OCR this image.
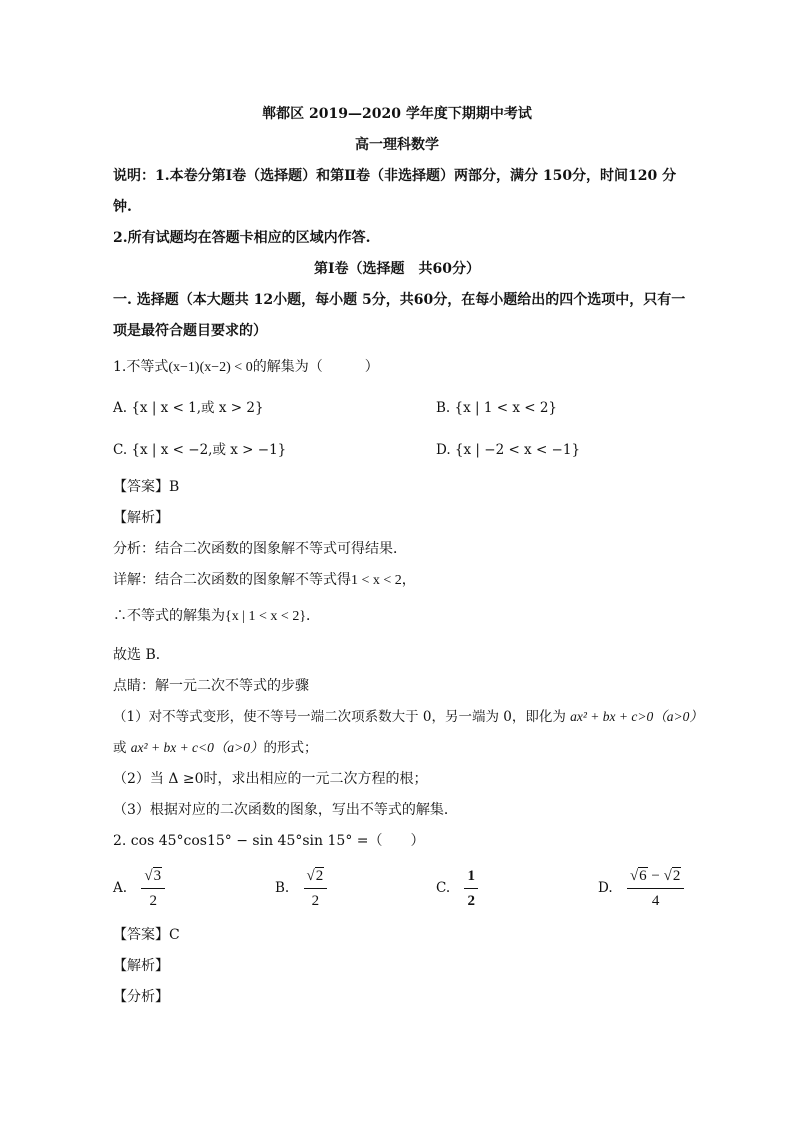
郸都区 2019—2020 学年度下期期中考试
高一理科数学
说明：1.本卷分第Ⅰ卷（选择题）和第Ⅱ卷（非选择题）两部分，满分 150分，时间120 分
钟.
2.所有试题均在答题卡相应的区域内作答.
第Ⅰ卷（选择题　共60分）
一. 选择题（本大题共 12小题，每小题 5分，共60分，在每小题给出的四个选项中，只有一
项是最符合题目要求的）
1.不等式(x−1)(x−2) < 0的解集为（　　　）
A. {x | x < 1,或 x > 2}	B. {x | 1 < x < 2}
C. {x | x < −2,或 x > −1}	D. {x | −2 < x < −1}
【答案】B
【解析】
分析：结合二次函数的图象解不等式可得结果．
详解：结合二次函数的图象解不等式得1 < x < 2，
∴不等式的解集为{x | 1 < x < 2}．
故选 B．
点睛：解一元二次不等式的步骤
（1）对不等式变形，使不等号一端二次项系数大于 0，另一端为 0，即化为 ax² + bx + c>0（a>0）
或 ax² + bx + c<0（a>0）的形式；
（2）当 Δ ≥0时，求出相应的一元二次方程的根；
（3）根据对应的二次函数的图象，写出不等式的解集．
2. cos 45°cos15° − sin 45°sin 15° =（　　）
A. $\frac{√3}{2}$	B. $\frac{√2}{2}$	C. $\frac{1}{2}$	D. $\frac{√6 - √2}{4}$
【答案】C
【解析】
【分析】
